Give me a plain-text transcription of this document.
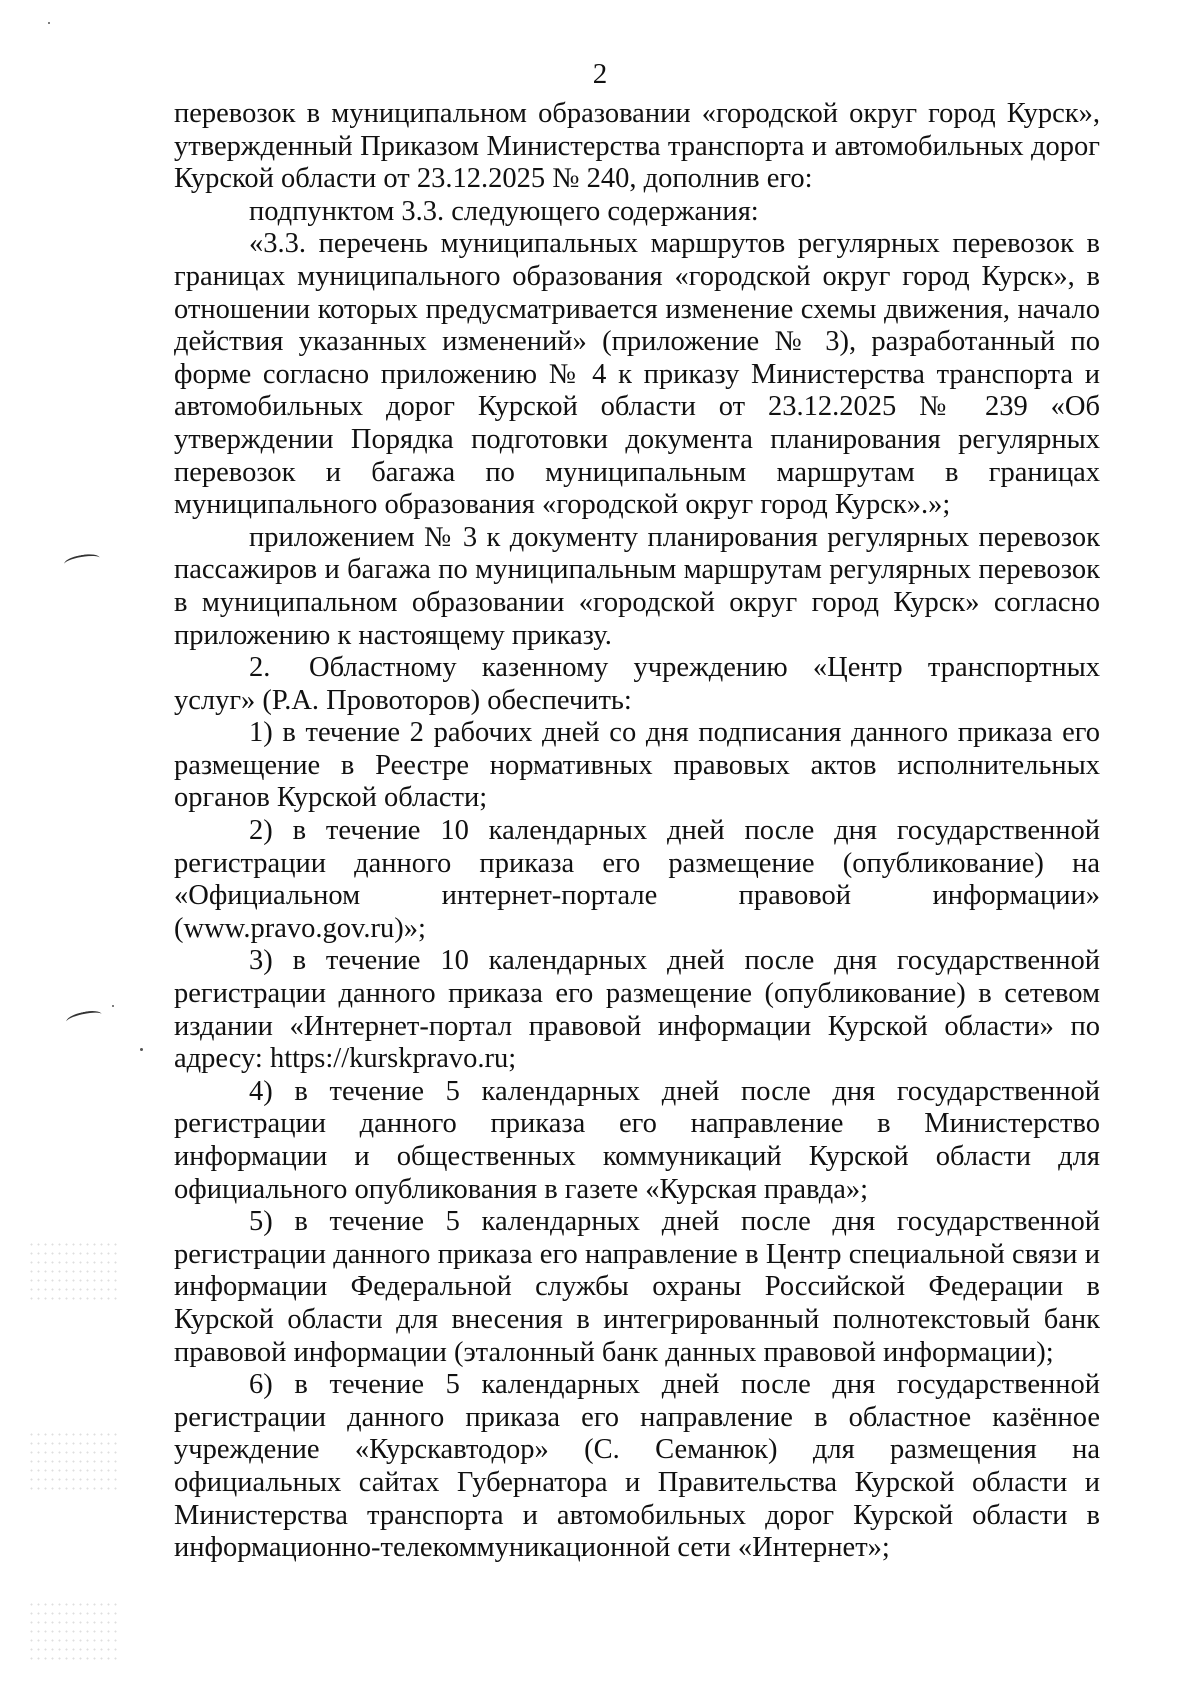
2

перевозок в муниципальном образовании «городской округ город Курск», утвержденный Приказом Министерства транспорта и автомобильных дорог Курской области от 23.12.2025 № 240, дополнив его:

подпунктом 3.3. следующего содержания:

«3.3. перечень муниципальных маршрутов регулярных перевозок в границах муниципального образования «городской округ город Курск», в отношении которых предусматривается изменение схемы движения, начало действия указанных изменений» (приложение № 3), разработанный по форме согласно приложению № 4 к приказу Министерства транспорта и автомобильных дорог Курской области от 23.12.2025 № 239 «Об утверждении Порядка подготовки документа планирования регулярных перевозок и багажа по муниципальным маршрутам в границах муниципального образования «городской округ город Курск».»;

приложением № 3 к документу планирования регулярных перевозок пассажиров и багажа по муниципальным маршрутам регулярных перевозок в муниципальном образовании «городской округ город Курск» согласно приложению к настоящему приказу.

2. Областному казенному учреждению «Центр транспортных услуг» (Р.А. Провоторов) обеспечить:

1) в течение 2 рабочих дней со дня подписания данного приказа его размещение в Реестре нормативных правовых актов исполнительных органов Курской области;

2) в течение 10 календарных дней после дня государственной регистрации данного приказа его размещение (опубликование) на «Официальном интернет-портале правовой информации» (www.pravo.gov.ru)»;

3) в течение 10 календарных дней после дня государственной регистрации данного приказа его размещение (опубликование) в сетевом издании «Интернет-портал правовой информации Курской области» по адресу: https://kurskpravo.ru;

4) в течение 5 календарных дней после дня государственной регистрации данного приказа его направление в Министерство информации и общественных коммуникаций Курской области для официального опубликования в газете «Курская правда»;

5) в течение 5 календарных дней после дня государственной регистрации данного приказа его направление в Центр специальной связи и информации Федеральной службы охраны Российской Федерации в Курской области для внесения в интегрированный полнотекстовый банк правовой информации (эталонный банк данных правовой информации);

6) в течение 5 календарных дней после дня государственной регистрации данного приказа его направление в областное казённое учреждение «Курскавтодор» (С. Семанюк) для размещения на официальных сайтах Губернатора и Правительства Курской области и Министерства транспорта и автомобильных дорог Курской области в информационно-телекоммуникационной сети «Интернет»;
